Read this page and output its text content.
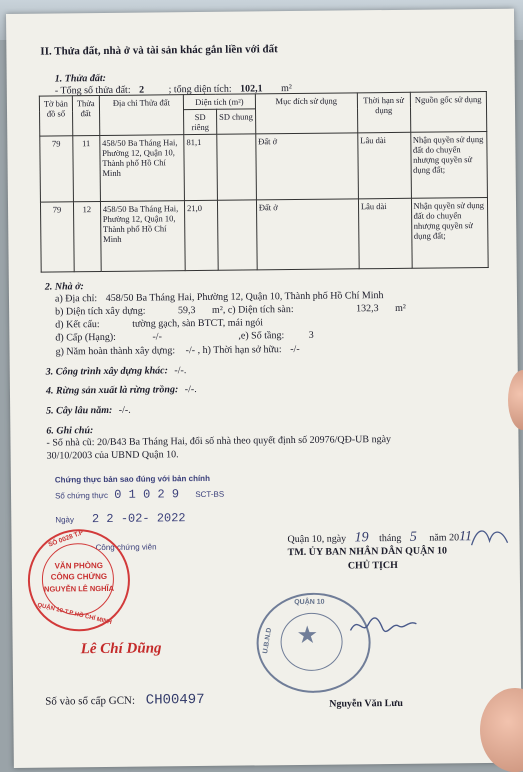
II. Thửa đất, nhà ở và tài sản khác gắn liền với đất
1. Thửa đất:
- Tổng số thửa đất: 2 ; tổng diện tích: 102,1 m²
Tờ bản đồ số	Thửa đất	Địa chỉ Thửa đất	Diện tích (m²)		Mục đích sử dụng	Thời hạn sử dụng	Nguồn gốc sử dụng
			SD riêng	SD chung			
79	11	458/50 Ba Tháng Hai, Phường 12, Quận 10, Thành phố Hồ Chí Minh	81,1		Đất ở	Lâu dài	Nhận quyền sử dụng đất do chuyển nhượng quyền sử dụng đất;
79	12	458/50 Ba Tháng Hai, Phường 12, Quận 10, Thành phố Hồ Chí Minh	21,0		Đất ở	Lâu dài	Nhận quyền sử dụng đất do chuyển nhượng quyền sử dụng đất;
2. Nhà ở:
a) Địa chỉ: 458/50 Ba Tháng Hai, Phường 12, Quận 10, Thành phố Hồ Chí Minh
b) Diện tích xây dựng:	59,3 m², c) Diện tích sàn:	132,3 m²
d) Kết cấu:	tường gạch, sàn BTCT, mái ngói
đ) Cấp (Hạng):	-/-	,e) Số tầng: 3
g) Năm hoàn thành xây dựng: -/- , h) Thời hạn sở hữu: -/-
3. Công trình xây dựng khác: -/-.
4. Rừng sản xuất là rừng trồng: -/-.
5. Cây lâu năm: -/-.
6. Ghi chú:
- Số nhà cũ: 20/B43 Ba Tháng Hai, đổi số nhà theo quyết định số 20976/QĐ-UB ngày
30/10/2003 của UBND Quận 10.
Chứng thực bản sao đúng với bản chính
Số chứng thực 0 1 0 2 9 SCT-BS
Ngày 2 2 -02- 2022
Công chứng viên
SỐ 0028 T.P
VĂN PHÒNG
CÔNG CHỨNG
NGUYỄN LÊ NGHĨA
QUẬN 10-T.P HỒ CHÍ MINH
Lê Chí Dũng
Quận 10, ngày 19 tháng 5 năm 2011
TM. ỦY BAN NHÂN DÂN QUẬN 10
CHỦ TỊCH
★
QUẬN 10
U.B.N.D
Nguyễn Văn Lưu
Số vào sổ cấp GCN: CH00497
